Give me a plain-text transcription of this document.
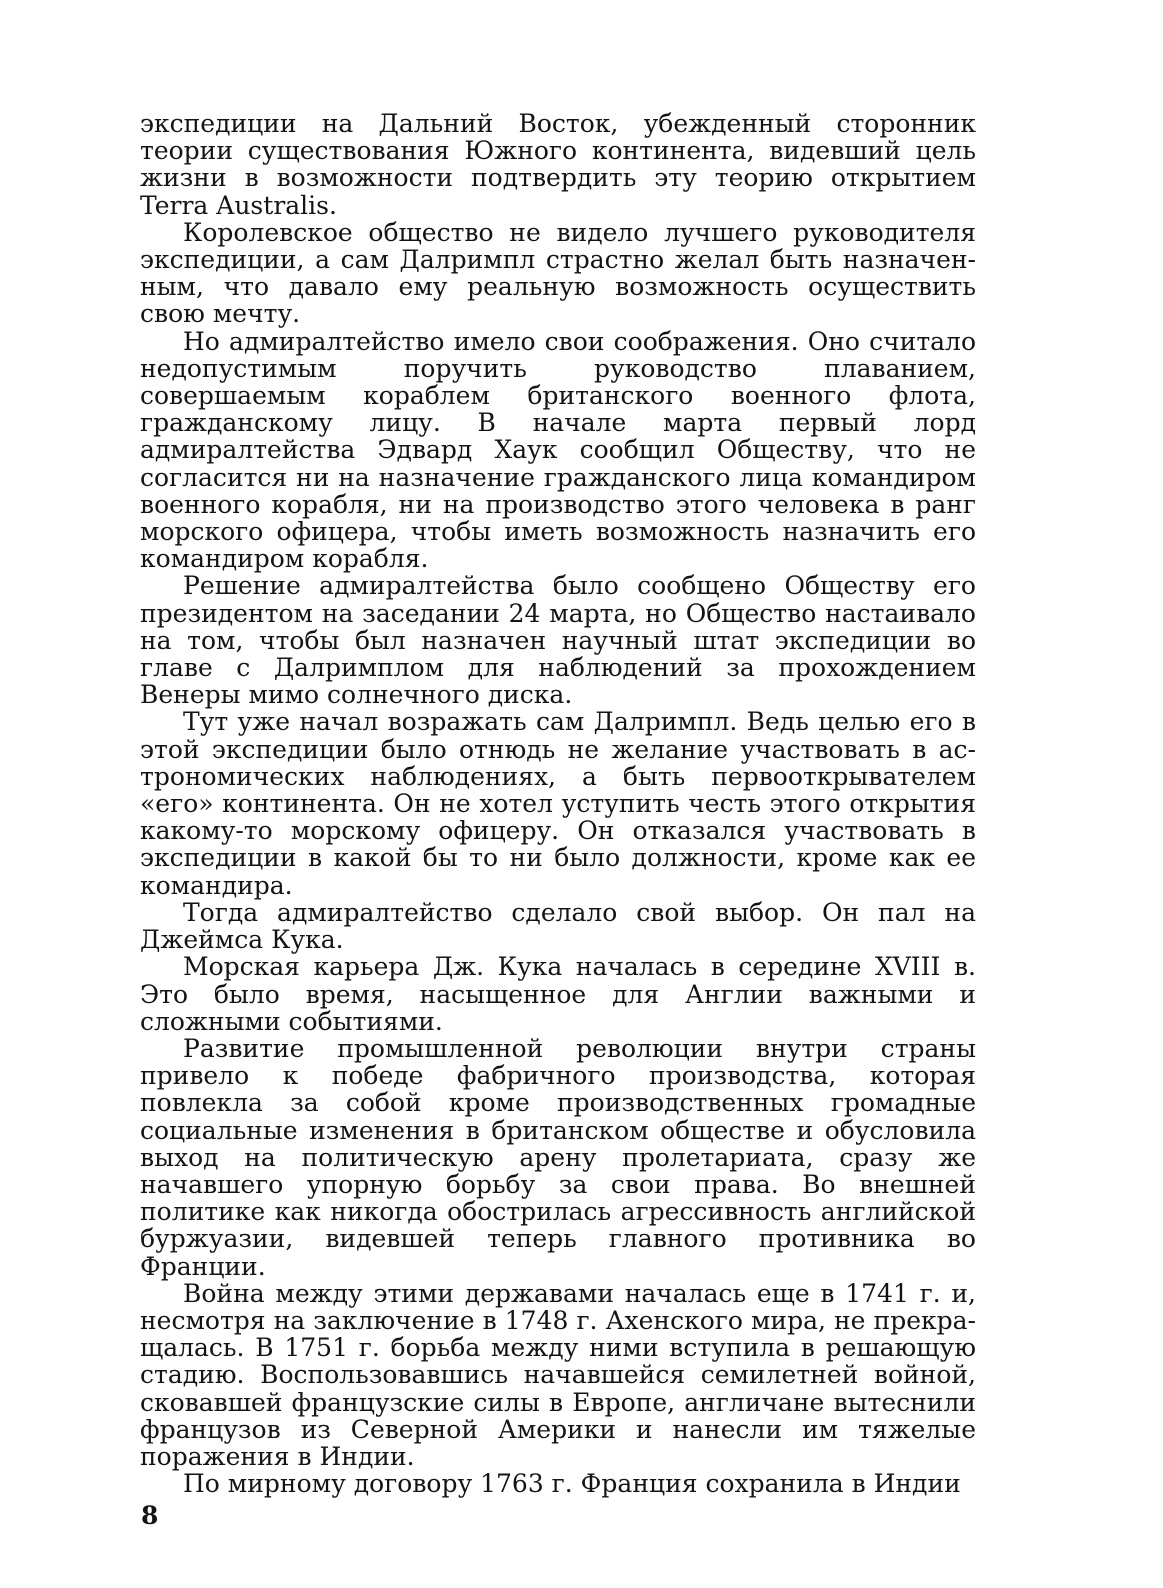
экспедиции на Дальний Восток, убежденный сторонник теории существования Южного континента, видевший цель жизни в возможности подтвердить эту теорию открытием Terra Australis.

Королевское общество не видело лучшего руководителя экспедиции, а сам Далримпл страстно желал быть назначенным, что давало ему реальную возможность осуществить свою мечту.

Но адмиралтейство имело свои соображения. Оно считало недопустимым поручить руководство плаванием, совершаемым кораблем британского военного флота, гражданскому лицу. В начале марта первый лорд адмиралтейства Эдвард Хаук сообщил Обществу, что не согласится ни на назначение гражданского лица командиром военного корабля, ни на производство этого человека в ранг морского офицера, чтобы иметь возможность назначить его командиром корабля.

Решение адмиралтейства было сообщено Обществу его президентом на заседании 24 марта, но Общество настаивало на том, чтобы был назначен научный штат экспедиции во главе с Далримплом для наблюдений за прохождением Венеры мимо солнечного диска.

Тут уже начал возражать сам Далримпл. Ведь целью его в этой экспедиции было отнюдь не желание участвовать в астрономических наблюдениях, а быть первооткрывателем «его» континента. Он не хотел уступить честь этого открытия какому-то морскому офицеру. Он отказался участвовать в экспедиции в какой бы то ни было должности, кроме как ее командира.

Тогда адмиралтейство сделало свой выбор. Он пал на Джеймса Кука.

Морская карьера Дж. Кука началась в середине XVIII в. Это было время, насыщенное для Англии важными и сложными событиями.

Развитие промышленной революции внутри страны привело к победе фабричного производства, которая повлекла за собой кроме производственных громадные социальные изменения в британском обществе и обусловила выход на политическую арену пролетариата, сразу же начавшего упорную борьбу за свои права. Во внешней политике как никогда обострилась агрессивность английской буржуазии, видевшей теперь главного противника во Франции.

Война между этими державами началась еще в 1741 г. и, несмотря на заключение в 1748 г. Ахенского мира, не прекращалась. В 1751 г. борьба между ними вступила в решающую стадию. Воспользовавшись начавшейся семилетней войной, сковавшей французские силы в Европе, англичане вытеснили французов из Северной Америки и нанесли им тяжелые поражения в Индии.

По мирному договору 1763 г. Франция сохранила в Индии

8
